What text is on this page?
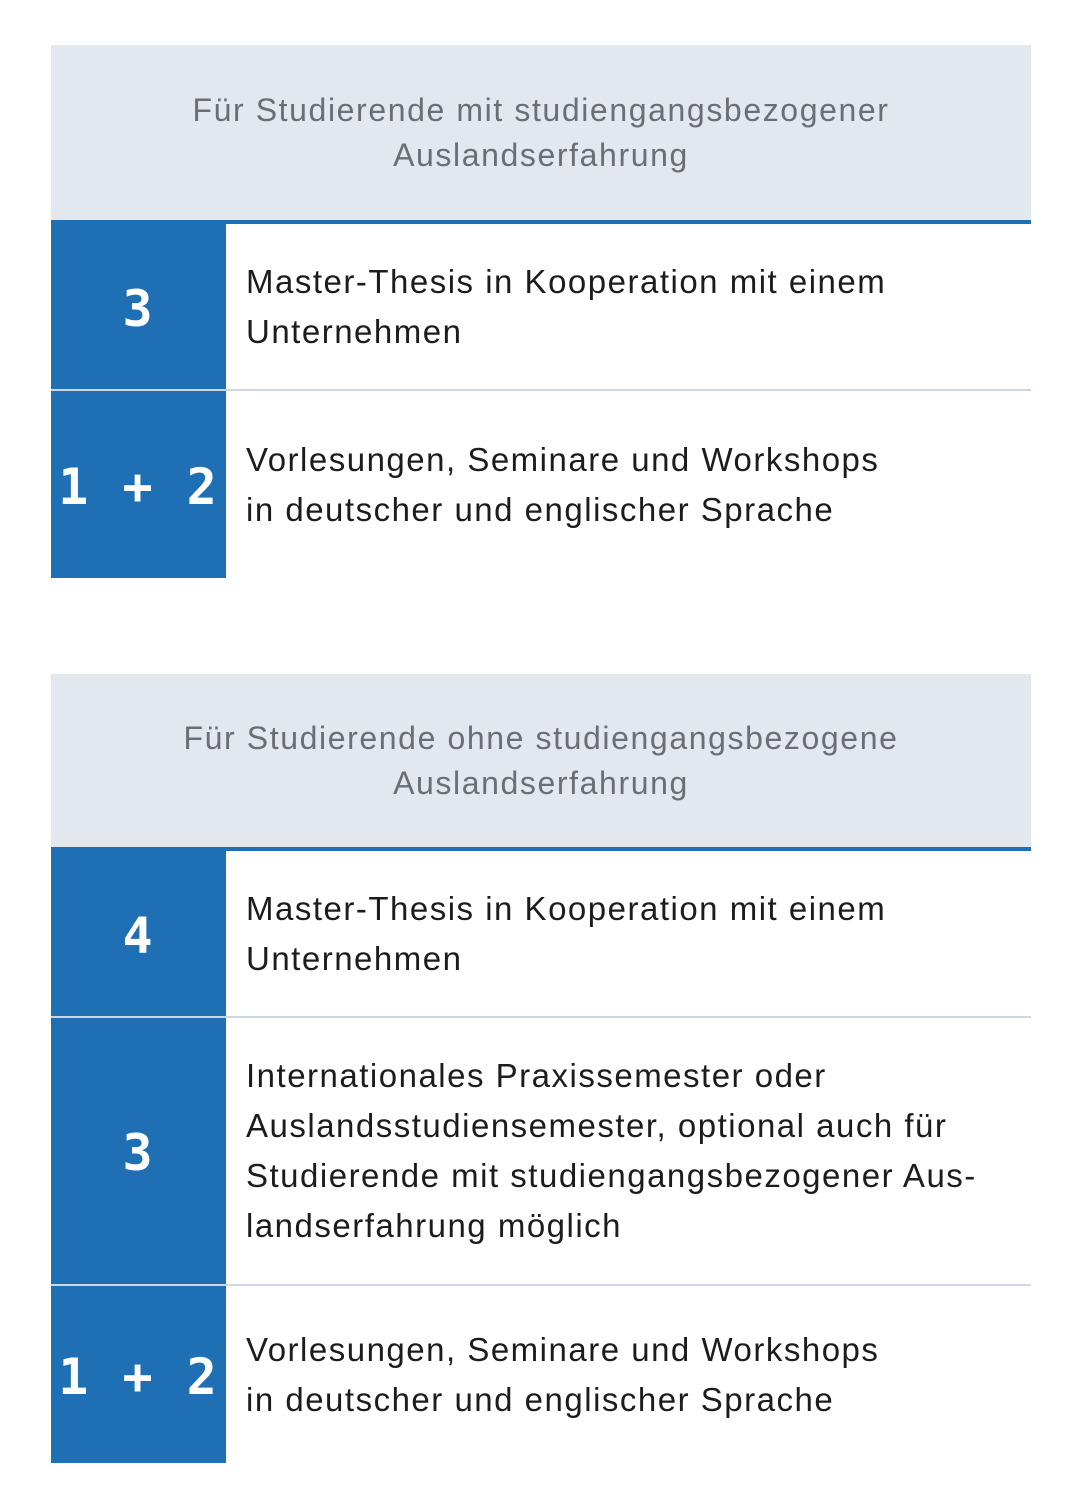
Für Studierende mit studiengangsbezogener
Auslandserfahrung
3	Master-Thesis in Kooperation mit einem
Unternehmen
1 + 2 Vorlesungen, Seminare und Workshops
in deutscher und englischer Sprache
Für Studierende ohne studiengangsbezogene
Auslandserfahrung
4	Master-Thesis in Kooperation mit einem
Unternehmen
3
Internationales Praxissemester oder
Auslandsstudiensemester, optional auch für
Studierende mit studiengangsbezogener Aus-
landserfahrung möglich
1 + 2 Vorlesungen, Seminare und Workshops
in deutscher und englischer Sprache
